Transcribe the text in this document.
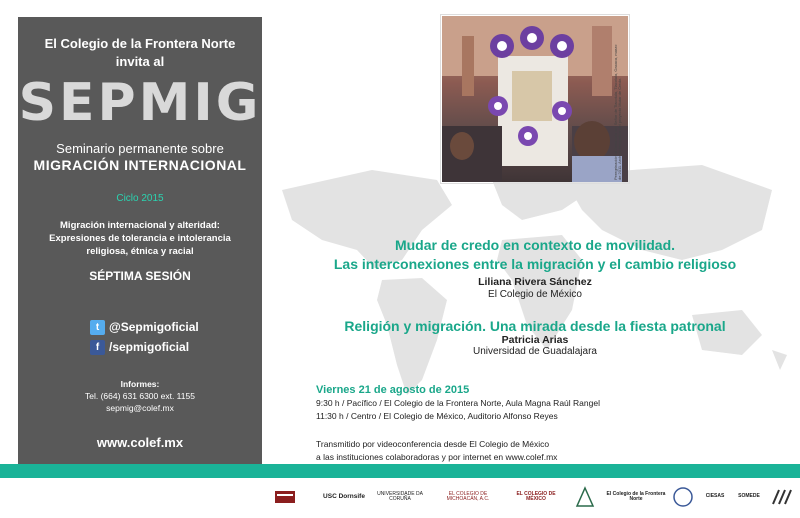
El Colegio de la Frontera Norte
invita al
SEPMIG
Seminario permanente sobre
MIGRACIÓN INTERNACIONAL
Ciclo 2015
Migración internacional y alteridad:
Expresiones de tolerancia e intolerancia
religiosa, étnica y racial
SÉPTIMA SESIÓN
t @Sepmigoficial
f /sepmigoficial
Informes:
Tel. (664) 631 6300 ext. 1155
sepmig@colef.mx
www.colef.mx
Peregrinación al Santuario del Señor de Tlacolula, Tlacolula, Oaxaca, marzo de 2011. Archivo fotográfico del proyecto Mutar de Credo.
Mudar de credo en contexto de movilidad.
Las interconexiones entre la migración y el cambio religioso
Liliana Rivera Sánchez
El Colegio de México
Religión y migración. Una mirada desde la fiesta patronal
Patricia Arias
Universidad de Guadalajara
Viernes 21 de agosto de 2015
9:30 h / Pacífico / El Colegio de la Frontera Norte, Aula Magna Raúl Rangel
11:30 h / Centro / El Colegio de México, Auditorio Alfonso Reyes
Transmitido por videoconferencia desde El Colegio de México
a las instituciones colaboradoras y por internet en www.colef.mx
USC Dornsife	UNIVERSIDADE DA CORUÑA
EL COLEGIO DE MICHOACÁN, A.C.
EL COLEGIO DE MÉXICO
El Colegio de la Frontera Norte	CIESAS	SOMEDE
